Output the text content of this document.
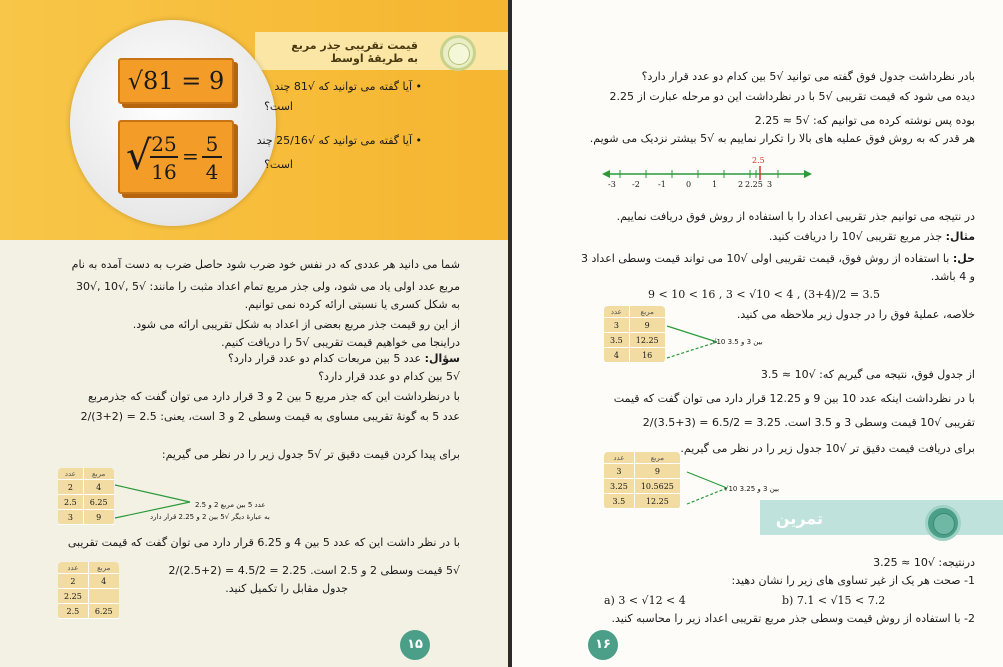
قیمت تقریبی جذر مربع
به طریقۀ اوسط
√81 = 9
√ 25
16
= 5
4
• آیا گفته می توانید که √81 چند
است؟
• آیا گفته می توانید که √25/16 چند
است؟
شما می دانید هر عددی که در نفس خود ضرب شود حاصل ضرب به دست آمده به نام
مربع عدد اولی یاد می شود، ولی جذر مربع تمام اعداد مثبت را مانند: √5 ,√10 ,√30
به شکل کسری یا نسبتی ارائه کرده نمی توانیم.
از این رو قیمت جذر مربع بعضی از اعداد به شکل تقریبی ارائه می شود.
دراینجا می خواهیم قیمت تقریبی √5 را دریافت کنیم.
سؤال: عدد 5 بین مربعات کدام دو عدد قرار دارد؟
√5 بین کدام دو عدد قرار دارد؟
با درنظرداشت این که جذر مربع 5 بین 2 و 3 قرار دارد می توان گفت که جذرمربع
عدد 5 به گونۀ تقریبی مساوی به قیمت وسطی 2 و 3 است، یعنی: 2.5 = (2+3)/2
برای پیدا کردن قیمت دقیق تر √5 جدول زیر را در نظر می گیریم:
عدد	مربع
2	4
2.5	6.25
3	9
عدد 5 بین مربع 2 و 2.5
به عبارۀ دیگر √5 بین 2 و 2.25 قرار دارد
با در نظر داشت این که عدد 5 بین 4 و 6.25 قرار دارد می توان گفت که قیمت تقریبی
√5 قیمت وسطی 2 و 2.5 است. 2.25 = 4.5/2 = (2+2.5)/2
جدول مقابل را تکمیل کنید.
عدد	مربع
2	4
2.25	
2.5	6.25
۱۵
بادر نظرداشت جدول فوق گفته می توانید √5 بین کدام دو عدد قرار دارد؟
دیده می شود که قیمت تقریبی √5 با در نظرداشت این دو مرحله عبارت از 2.25
بوده پس نوشته کرده می توانیم که: √5 ≈ 2.25
هر قدر که به روش فوق عملیه های بالا را تکرار نماییم به √5 بیشتر نزدیک می شویم.
2.5
-3 -2 -1	0	1	2 2.25 3
در نتیجه می توانیم جذر تقریبی اعداد را با استفاده از روش فوق دریافت نماییم.
مثال: جذر مربع تقریبی √10 را دریافت کنید.
حل: با استفاده از روش فوق، قیمت تقریبی اولی √10 می تواند قیمت وسطی اعداد 3
و 4 باشد.
9 < 10 < 16 , 3 < √10 < 4 , (3+4)/2 = 3.5
خلاصه، عملیۀ فوق را در جدول زیر ملاحظه می کنید.
عدد	مربع
3	9
3.5	12.25
4	16
√10 بین 3 و 3.5
از جدول فوق، نتیجه می گیریم که: √10 ≈ 3.5
با در نظرداشت اینکه عدد 10 بین 9 و 12.25 قرار دارد می توان گفت که قیمت
تقریبی √10 قیمت وسطی 3 و 3.5 است. 3.25 = 6.5/2 = (3+3.5)/2
برای دریافت قیمت دقیق تر √10 جدول زیر را در نظر می گیریم.
عدد	مربع
3	9
3.25	10.5625
3.5	12.25
√10 بین 3 و 3.25
درنتیجه: √10 ≈ 3.25
1- صحت هر یک از غیر تساوی های زیر را نشان دهید:
a) 3 < √12 < 4	b) 7.1 < √15 < 7.2
2- با استفاده از روش قیمت وسطی جذر مربع تقریبی اعداد زیر را محاسبه کنید.
۱۶
تمرین
